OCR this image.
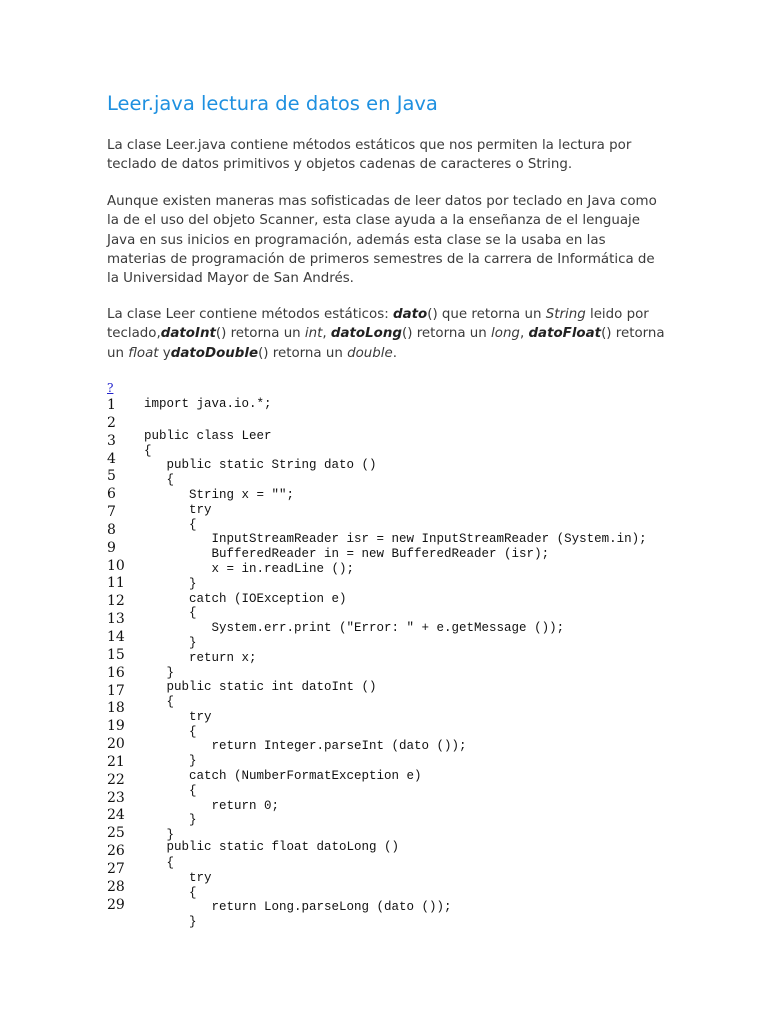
Leer.java lectura de datos en Java

La clase Leer.java contiene métodos estáticos que nos permiten la lectura por teclado de datos primitivos y objetos cadenas de caracteres o String.

Aunque existen maneras mas sofisticadas de leer datos por teclado en Java como la de el uso del objeto Scanner, esta clase ayuda a la enseñanza de el lenguaje Java en sus inicios en programación, además esta clase se la usaba en las materias de programación de primeros semestres de la carrera de Informática de la Universidad Mayor de San Andrés.

La clase Leer contiene métodos estáticos: dato() que retorna un String leido por teclado,datoInt() retorna un int, datoLong() retorna un long, datoFloat() retorna un float ydatoDouble() retorna un double.

?
1
2
3
4
5
6
7
8
9
10
11
12
13
14
15
16
17
18
19
20
21
22
23
24
25
26
27
28
29
import java.io.*;
public class Leer
{
public static String dato ()
{
String x = "";
try
{
InputStreamReader isr = new InputStreamReader (System.in);
BufferedReader in = new BufferedReader (isr);
x = in.readLine ();
}
catch (IOException e)
{
System.err.print ("Error: " + e.getMessage ());
}
return x;
}
public static int datoInt ()
{
try
{
return Integer.parseInt (dato ());
}
catch (NumberFormatException e)
{
return 0;
}
}
public static float datoLong ()
{
try
{
return Long.parseLong (dato ());
}
